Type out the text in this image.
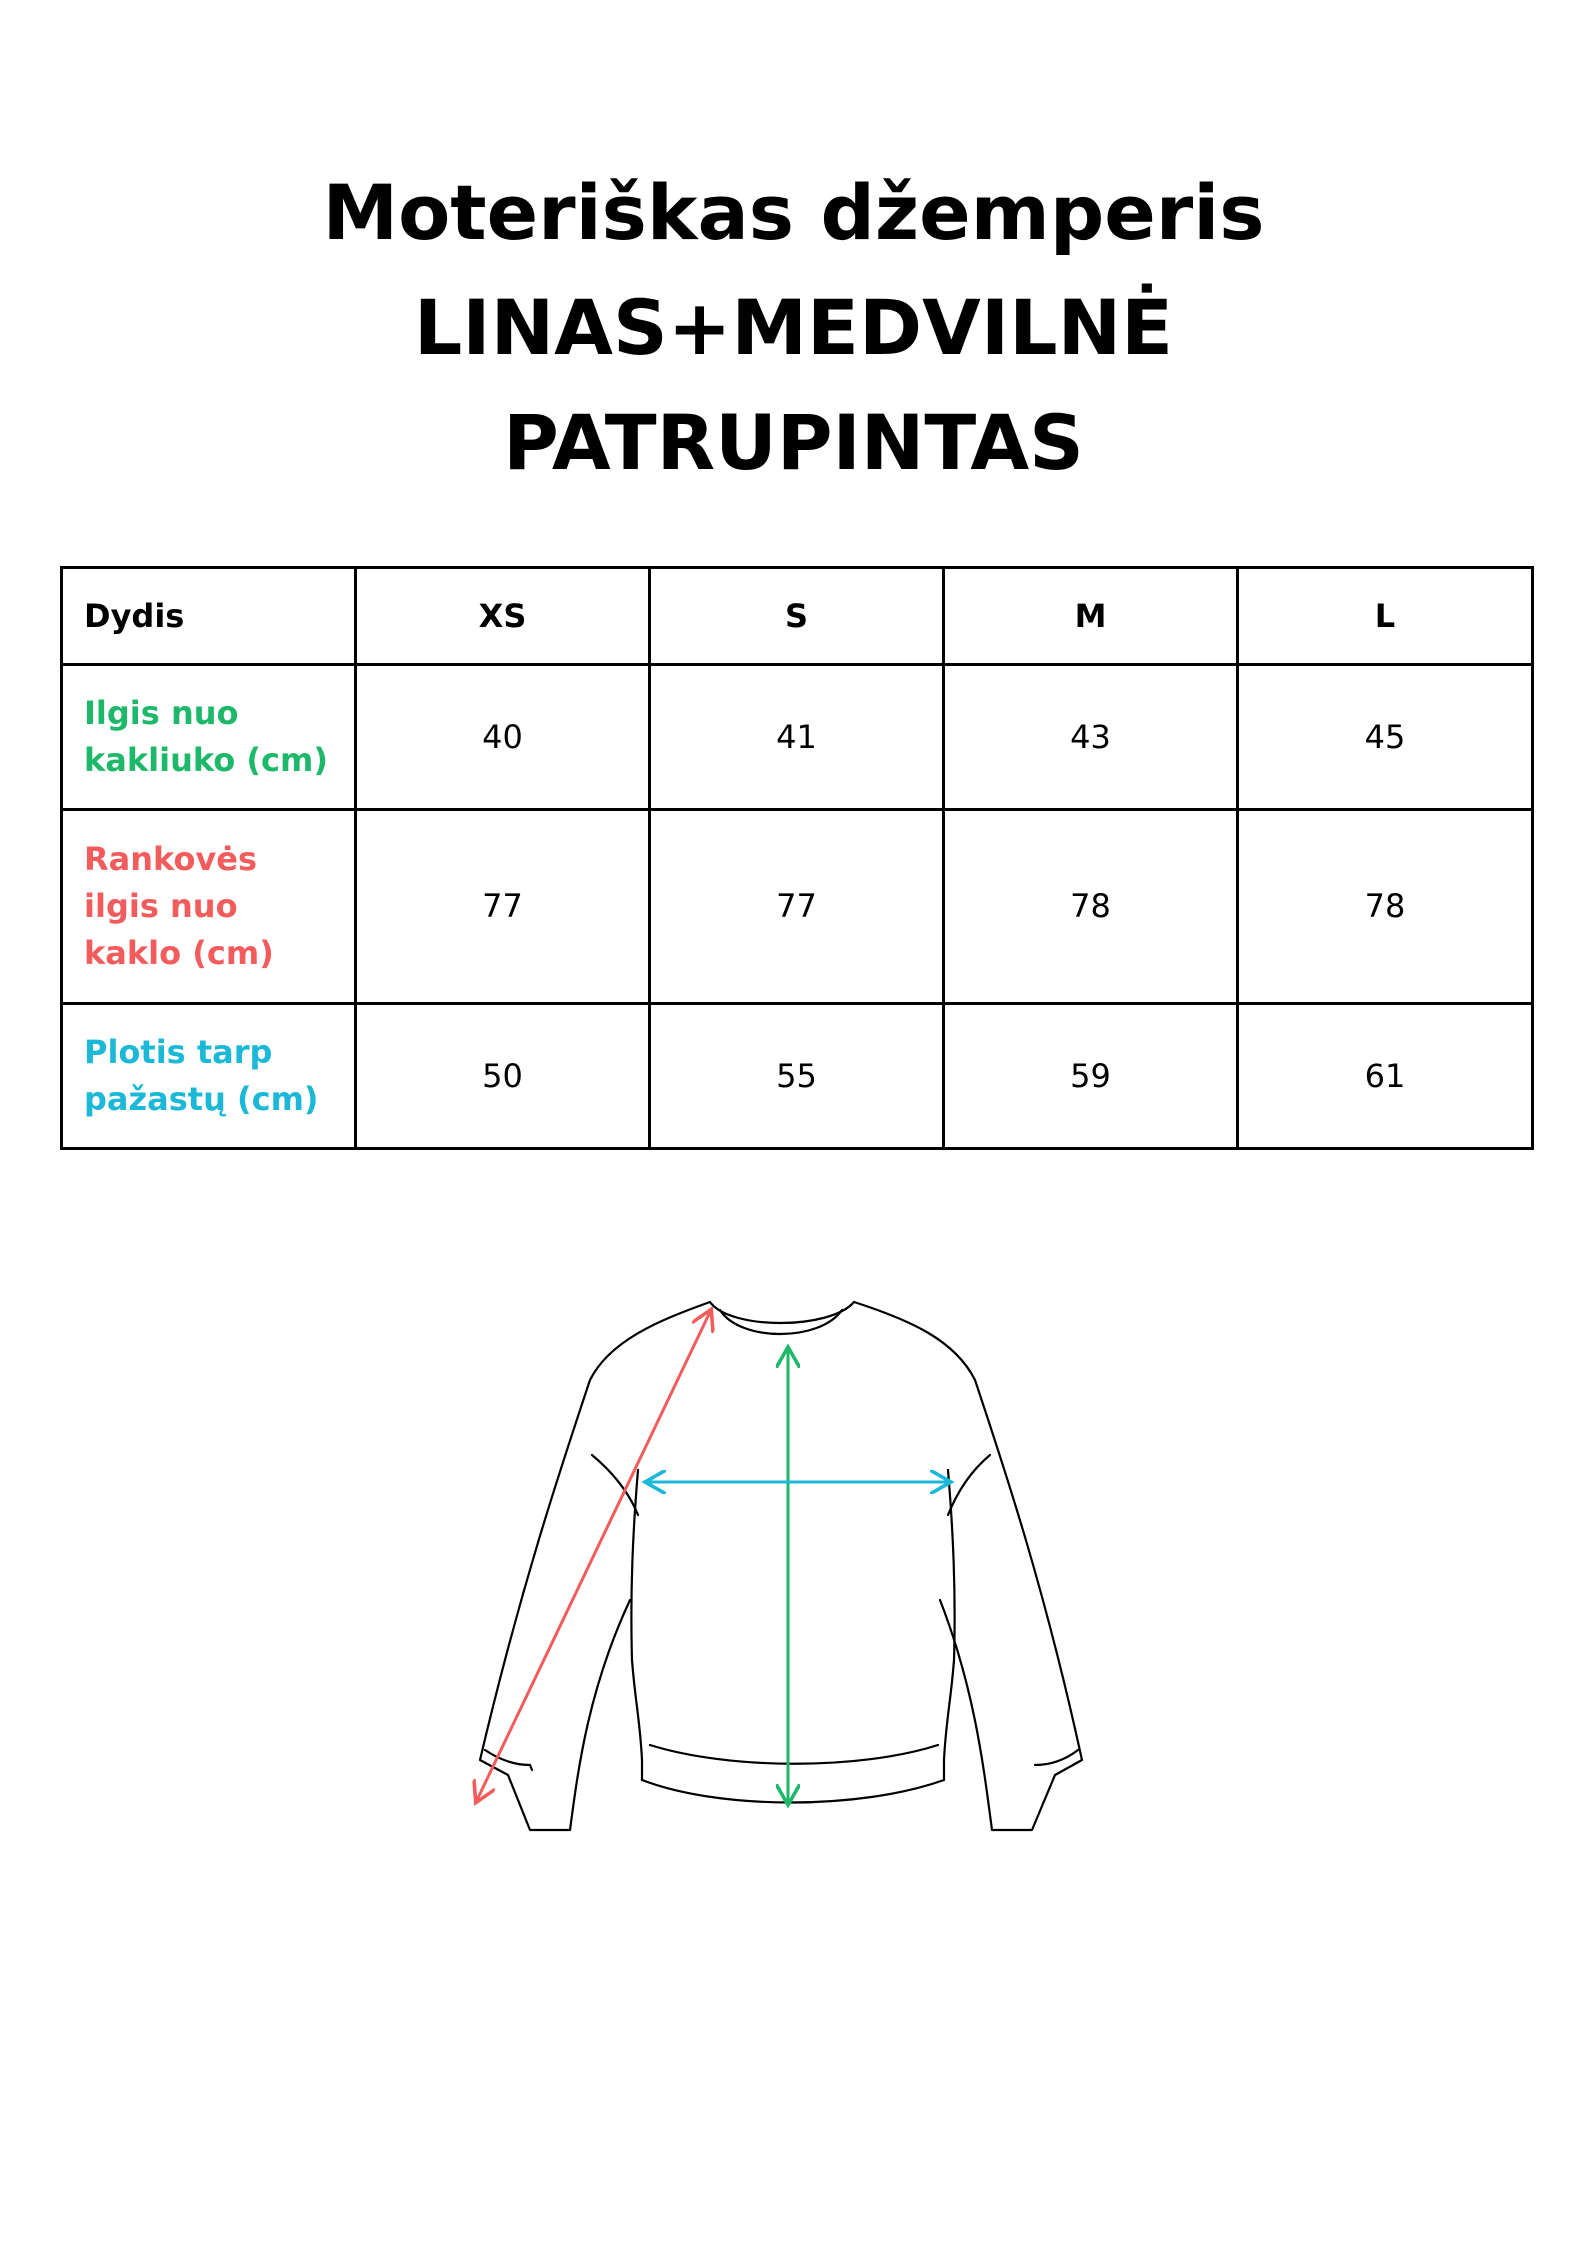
Moteriškas džemperis
LINAS+MEDVILNĖ
PATRUPINTAS
Dydis	XS	S	M	L
Ilgis nuo
kakliuko (cm)	40	41	43	45
Rankovės
ilgis nuo
kaklo (cm)	77	77	78	78
Plotis tarp
pažastų (cm)	50	55	59	61
